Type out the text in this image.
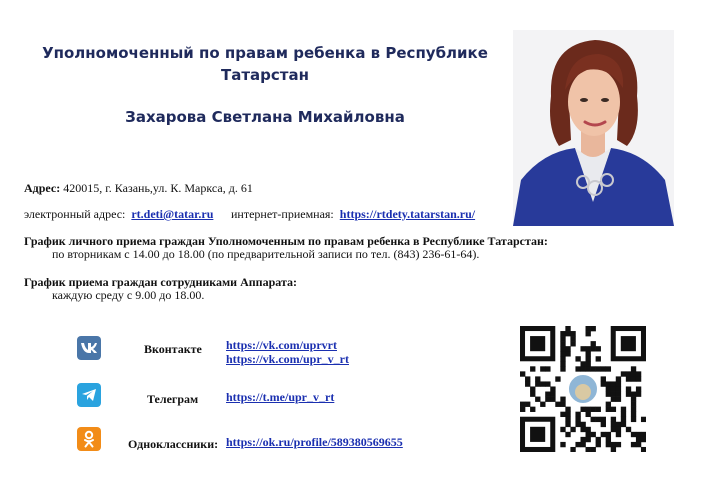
Уполномоченный по правам ребенка в Республике
Татарстан
Захарова Светлана Михайловна
Адрес: 420015, г. Казань,ул. К. Маркса, д. 61
электронный адрес: rt.deti@tatar.ru интернет-приемная: https://rtdety.tatarstan.ru/
График личного приема граждан Уполномоченным по правам ребенка в Республике Татарстан:
по вторникам с 14.00 до 18.00 (по предварительной записи по тел. (843) 236-61-64).
График приема граждан сотрудниками Аппарата:
каждую среду с 9.00 до 18.00.
Вконтакте https://vk.com/uprvrt
https://vk.com/upr_v_rt
Телеграм https://t.me/upr_v_rt
Одноклассники: https://ok.ru/profile/589380569655
